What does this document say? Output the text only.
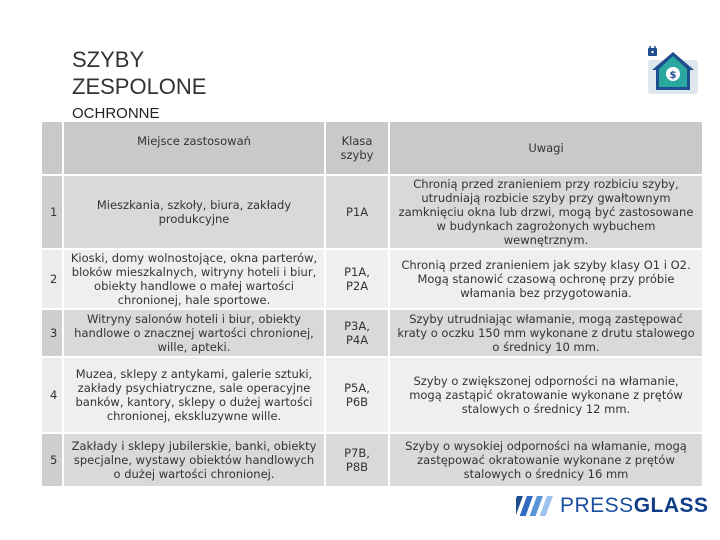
SZYBY ZESPOLONE
OCHRONNE
$
	Miejsce zastosowań	Klasa szyby	Uwagi
1	Mieszkania, szkoły, biura, zakłady produkcyjne	P1A	Chronią przed zranieniem przy rozbiciu szyby, utrudniają rozbicie szyby przy gwałtownym zamknięciu okna lub drzwi, mogą być zastosowane w budynkach zagrożonych wybuchem wewnętrznym.
2	Kioski, domy wolnostojące, okna parterów, bloków mieszkalnych, witryny hoteli i biur, obiekty handlowe o małej wartości chronionej, hale sportowe.	P1A, P2A	Chronią przed zranieniem jak szyby klasy O1 i O2. Mogą stanowić czasową ochronę przy próbie włamania bez przygotowania.
3	Witryny salonów hoteli i biur, obiekty handlowe o znacznej wartości chronionej, wille, apteki.	P3A, P4A	Szyby utrudniając włamanie, mogą zastępować kraty o oczku 150 mm wykonane z drutu stalowego o średnicy 10 mm.
4	Muzea, sklepy z antykami, galerie sztuki, zakłady psychiatryczne, sale operacyjne banków, kantory, sklepy o dużej wartości chronionej, ekskluzywne wille.	P5A, P6B	Szyby o zwiększonej odporności na włamanie, mogą zastąpić okratowanie wykonane z prętów stalowych o średnicy 12 mm.
5	Zakłady i sklepy jubilerskie, banki, obiekty specjalne, wystawy obiektów handlowych o dużej wartości chronionej.	P7B, P8B	Szyby o wysokiej odporności na włamanie, mogą zastępować okratowanie wykonane z prętów stalowych o średnicy 16 mm
PRESSGLASS
